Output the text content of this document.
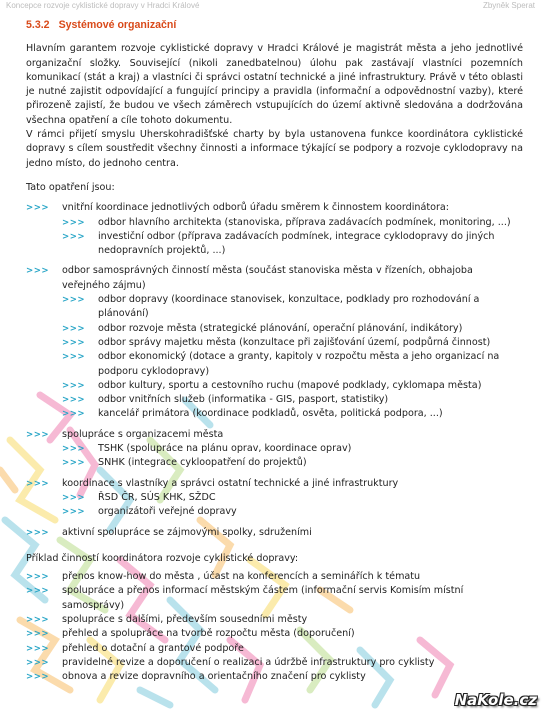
Koncepce rozvoje cyklistické dopravy v Hradci Králové	Zbyněk Sperat
5.3.2 Systémové organizační

Hlavním garantem rozvoje cyklistické dopravy v Hradci Králové je magistrát města a jeho jednotlivé organizační složky. Související (nikoli zanedbatelnou) úlohu pak zastávají vlastníci pozemních komunikací (stát a kraj) a vlastníci či správci ostatní technické a jiné infrastruktury. Právě v této oblasti je nutné zajistit odpovídající a fungující principy a pravidla (informační a odpovědnostní vazby), které přirozeně zajistí, že budou ve všech záměrech vstupujících do území aktivně sledována a dodržována všechna opatření a cíle tohoto dokumentu.

V rámci přijetí smyslu Uherskohradišťské charty by byla ustanovena funkce koordinátora cyklistické dopravy s cílem soustředit všechny činnosti a informace týkající se podpory a rozvoje cyklodopravy na jedno místo, do jednoho centra.

Tato opatření jsou:

>>> vnitřní koordinace jednotlivých odborů úřadu směrem k činnostem koordinátora:
>>> odbor hlavního architekta (stanoviska, příprava zadávacích podmínek, monitoring, ...)
>>> investiční odbor (příprava zadávacích podmínek, integrace cyklodopravy do jiných nedopravních projektů, ...)
>>> odbor samosprávných činností města (součást stanoviska města v řízeních, obhajoba veřejného zájmu)
>>> odbor dopravy (koordinace stanovisek, konzultace, podklady pro rozhodování a plánování)
>>> odbor rozvoje města (strategické plánování, operační plánování, indikátory)
>>> odbor správy majetku města (konzultace při zajišťování území, podpůrná činnost)
>>> odbor ekonomický (dotace a granty, kapitoly v rozpočtu města a jeho organizací na podporu cyklodopravy)
>>> odbor kultury, sportu a cestovního ruchu (mapové podklady, cyklomapa města)
>>> odbor vnitřních služeb (informatika - GIS, pasport, statistiky)
>>> kancelář primátora (koordinace podkladů, osvěta, politická podpora, ...)
>>> spolupráce s organizacemi města
>>> TSHK (spolupráce na plánu oprav, koordinace oprav)
>>> SNHK (integrace cykloopatření do projektů)
>>> koordinace s vlastníky a správci ostatní technické a jiné infrastruktury
>>> ŘSD ČR, SÚS KHK, SŽDC
>>> organizátoři veřejné dopravy
>>> aktivní spolupráce se zájmovými spolky, sdruženími

Příklad činností koordinátora rozvoje cyklistické dopravy:

>>> přenos know-how do města , účast na konferencích a seminářích k tématu
>>> spolupráce a přenos informací městským částem (informační servis Komisím místní samosprávy)
>>> spolupráce s dalšími, především sousedními městy
>>> přehled a spolupráce na tvorbě rozpočtu města (doporučení)
>>> přehled o dotační a grantové podpoře
>>> pravidelné revize a doporučení o realizaci a údržbě infrastruktury pro cyklisty
>>> obnova a revize dopravního a orientačního značení pro cyklisty
NaKole.cz
